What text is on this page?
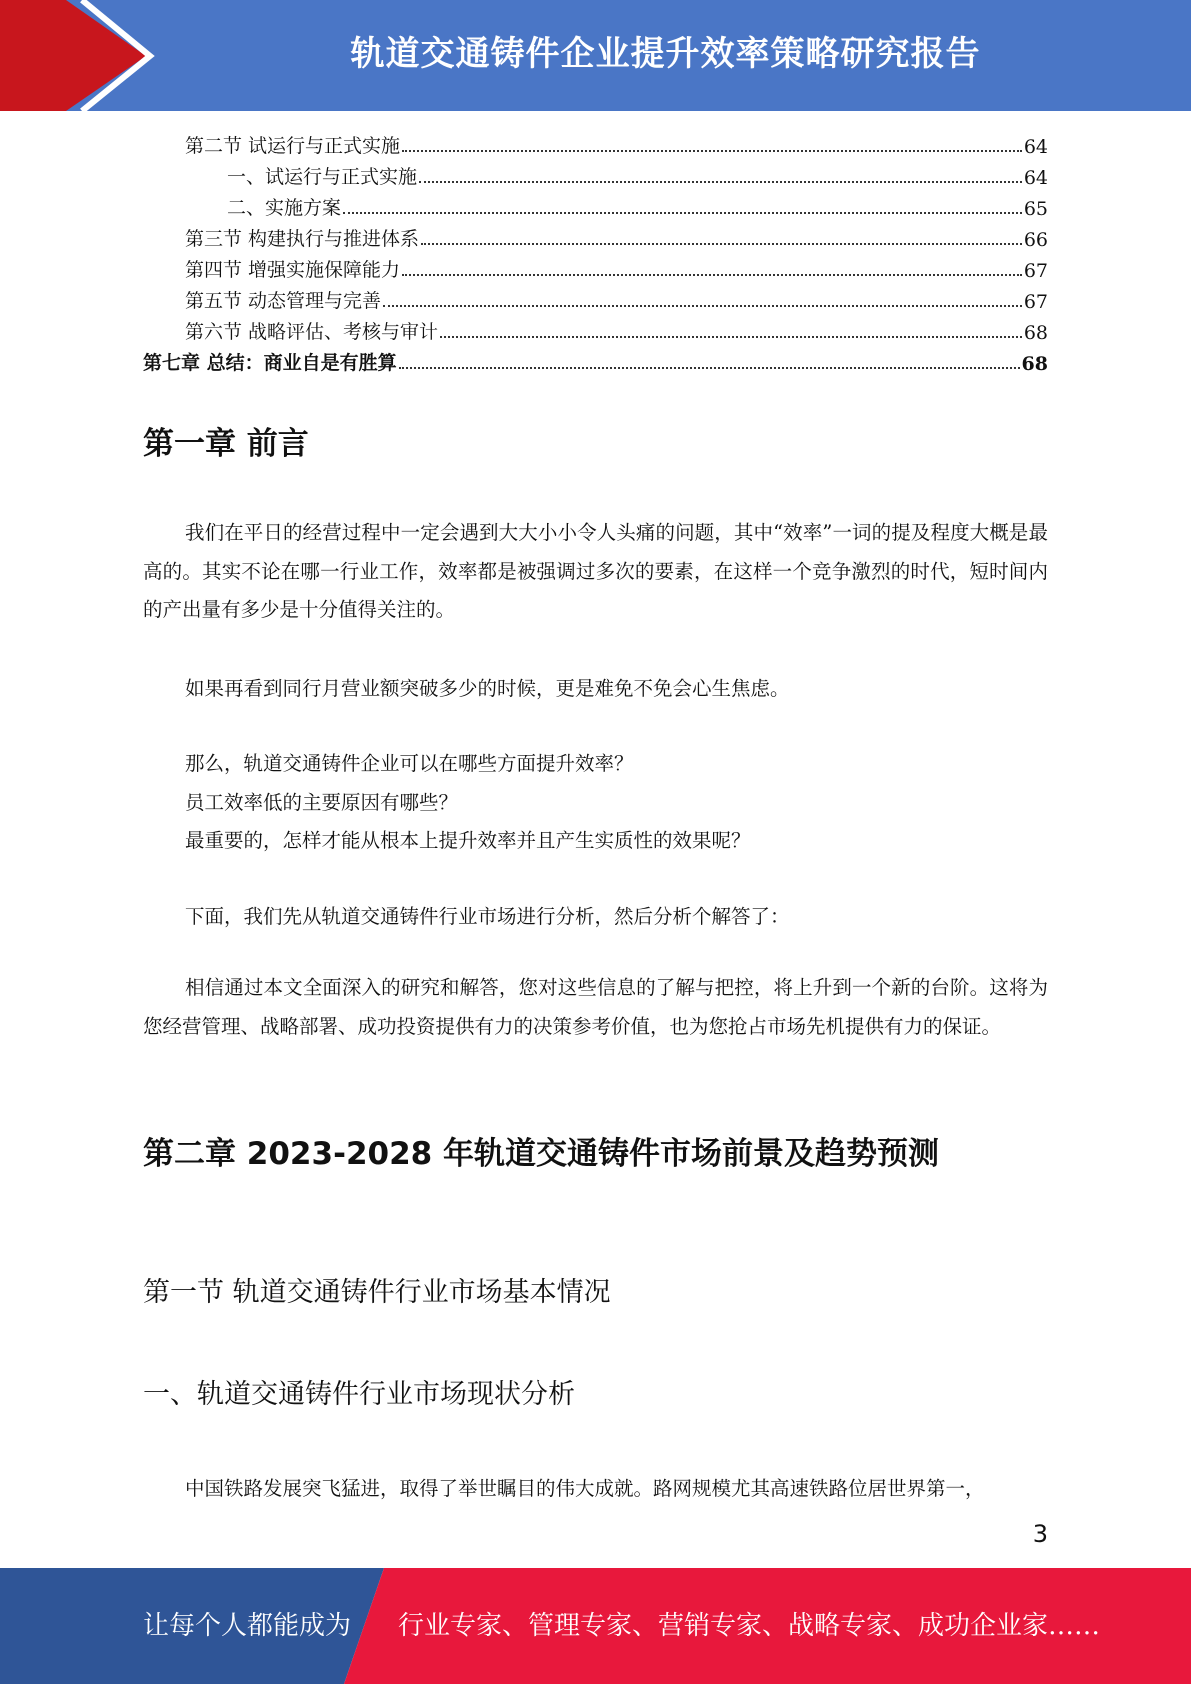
轨道交通铸件企业提升效率策略研究报告
第二节 试运行与正式实施	64
一、试运行与正式实施	64
二、实施方案	65
第三节 构建执行与推进体系	66
第四节 增强实施保障能力	67
第五节 动态管理与完善	67
第六节 战略评估、考核与审计	68
第七章 总结：商业自是有胜算	68
第一章 前言
我们在平日的经营过程中一定会遇到大大小小令人头痛的问题，其中“效率”一词的提及程度大概是最高的。其实不论在哪一行业工作，效率都是被强调过多次的要素，在这样一个竞争激烈的时代，短时间内的产出量有多少是十分值得关注的。
如果再看到同行月营业额突破多少的时候，更是难免不免会心生焦虑。
那么，轨道交通铸件企业可以在哪些方面提升效率？
员工效率低的主要原因有哪些？
最重要的，怎样才能从根本上提升效率并且产生实质性的效果呢？
下面，我们先从轨道交通铸件行业市场进行分析，然后分析个解答了：
相信通过本文全面深入的研究和解答，您对这些信息的了解与把控，将上升到一个新的台阶。这将为您经营管理、战略部署、成功投资提供有力的决策参考价值，也为您抢占市场先机提供有力的保证。
第二章 2023-2028 年轨道交通铸件市场前景及趋势预测
第一节 轨道交通铸件行业市场基本情况
一、轨道交通铸件行业市场现状分析
中国铁路发展突飞猛进，取得了举世瞩目的伟大成就。路网规模尤其高速铁路位居世界第一，
3
让每个人都能成为 行业专家、管理专家、营销专家、战略专家、成功企业家……
